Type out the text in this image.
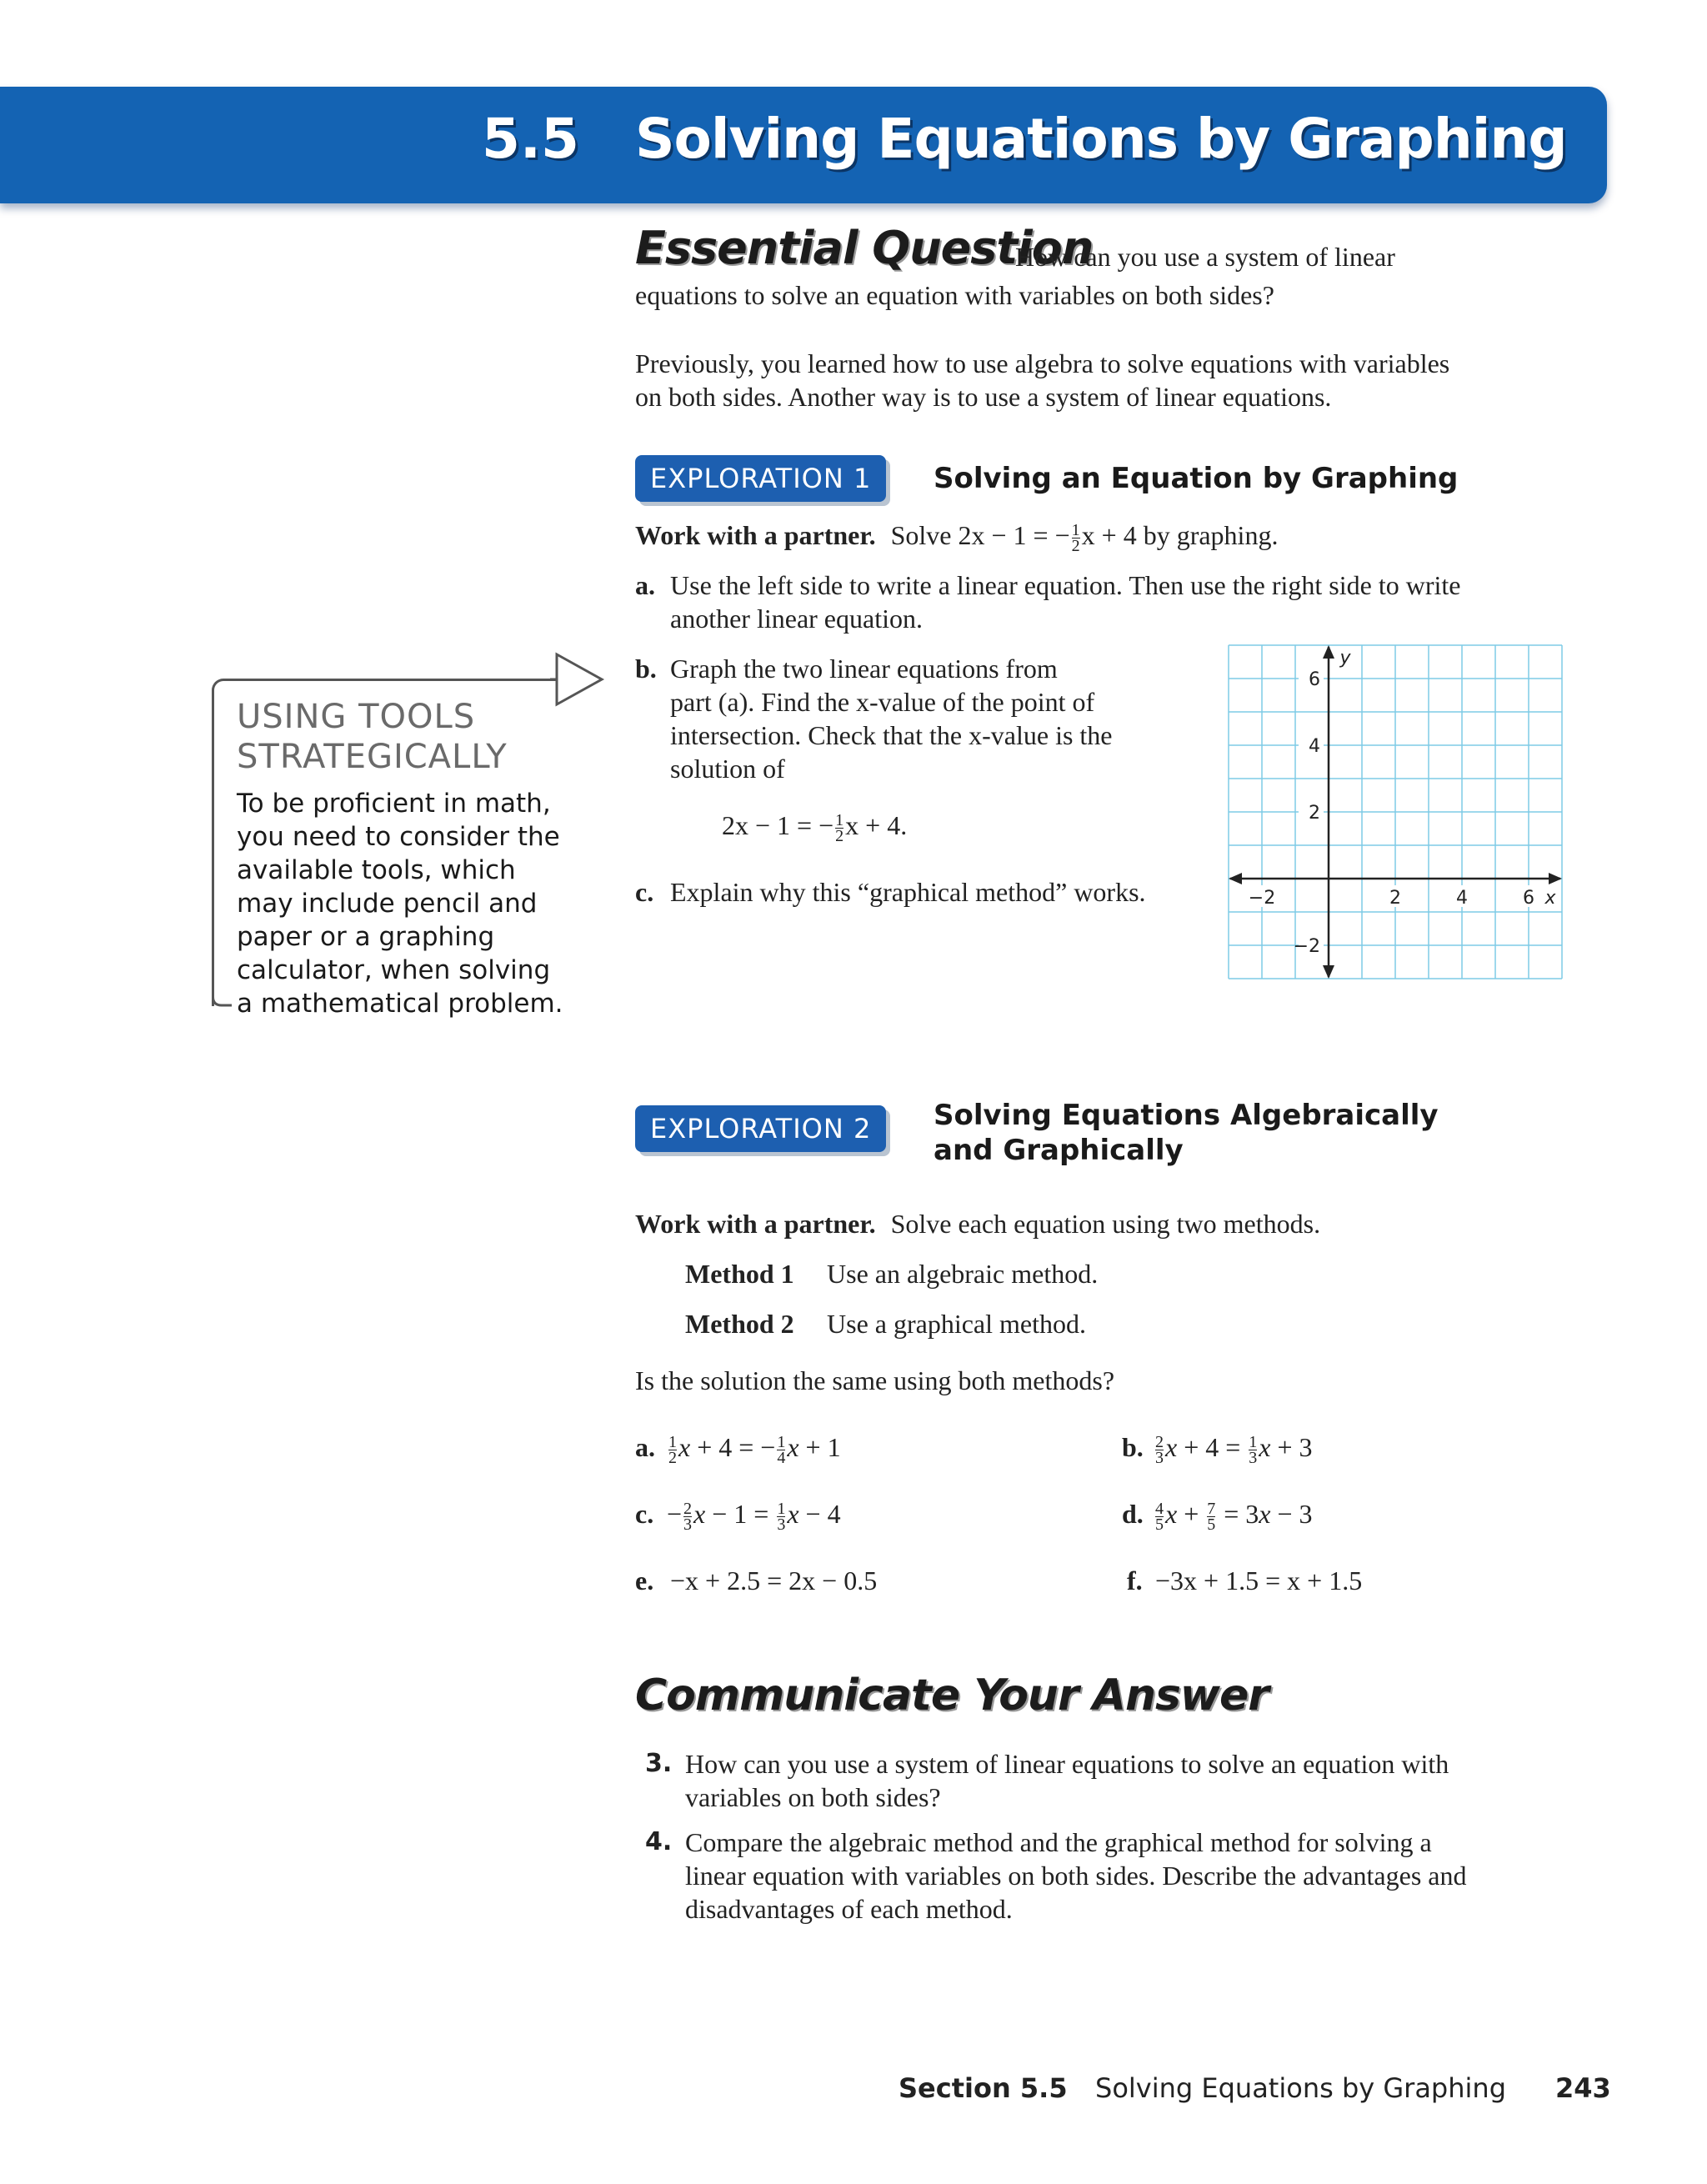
5.5 Solving Equations by Graphing
Essential Question
How can you use a system of linear
equations to solve an equation with variables on both sides?
Previously, you learned how to use algebra to solve equations with variables
on both sides. Another way is to use a system of linear equations.
EXPLORATION 1	Solving an Equation by Graphing
Work with a partner. Solve 2x − 1 = − $\frac{1}{2}$ x + 4 by graphing.
a. Use the left side to write a linear equation. Then use the right side to write
another linear equation.
b. Graph the two linear equations from
part (a). Find the x-value of the point of
intersection. Check that the x-value is the
solution of
2x − 1 = − $\frac{1}{2}$ x + 4.
c. Explain why this “graphical method” works.	−2	2	4	6
6
4
2
−2
x
y
USING TOOLS STRATEGICALLY
To be proficient in math, you need to consider the available tools, which may include pencil and paper or a graphing calculator, when solving a mathematical problem.
EXPLORATION 2	Solving Equations Algebraically
and Graphically
Work with a partner. Solve each equation using two methods.
Method 1 Use an algebraic method.
Method 2 Use a graphical method.
Is the solution the same using both methods?
a. $\frac{1}{2}$ x + 4 = − $\frac{1}{4}$ x + 1	b. $\frac{2}{3}$ $x + 4 = \frac{1}{3}$ x + 3
c. − $\frac{2}{3}$ $x - 1 = \frac{1}{3}$ x − 4	d. $\frac{4}{5}$ $x + \frac{7}{5} = 3x - 3$
e. −x + 2.5 = 2x − 0.5	f. −3x + 1.5 = x + 1.5
Communicate Your Answer
3. How can you use a system of linear equations to solve an equation with
variables on both sides?
4. Compare the algebraic method and the graphical method for solving a
linear equation with variables on both sides. Describe the advantages and
disadvantages of each method.
Section 5.5 Solving Equations by Graphing 243
